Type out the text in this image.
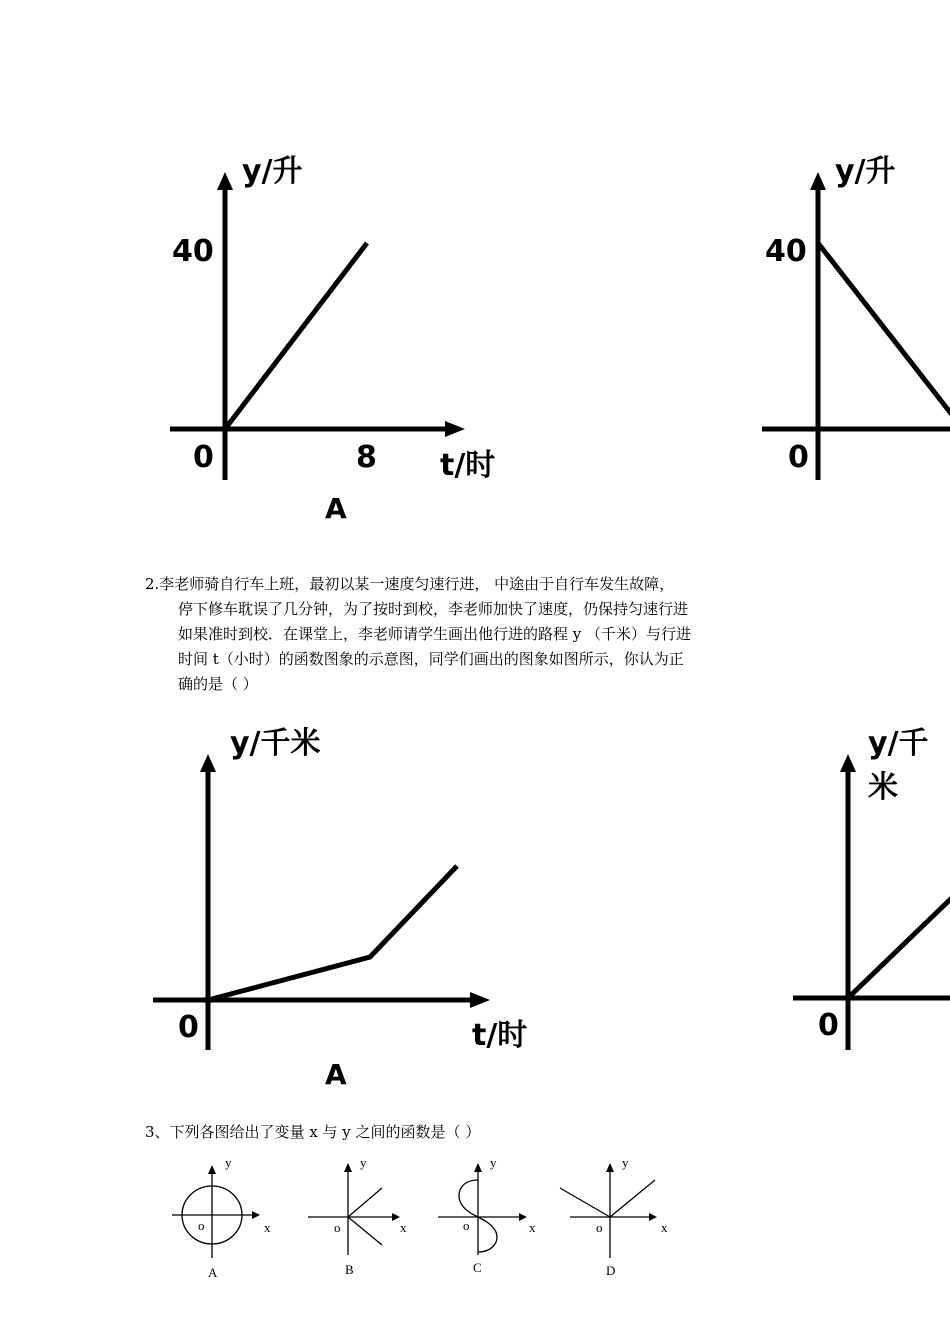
y/升
40
0	8 t/时
A
y/升
40
0
2.李老师骑自行车上班，最初以某一速度匀速行进， 中途由于自行车发生故障，
停下修车耽误了几分钟，为了按时到校，李老师加快了速度，仍保持匀速行进
如果准时到校．在课堂上，李老师请学生画出他行进的路程 y （千米）与行进
时间 t（小时）的函数图象的示意图，同学们画出的图象如图所示，你认为正
确的是（ ）
y/千米
0	t/时
A
y/千米
0
3、下列各图给出了变量 x 与 y 之间的函数是（ ）
y
x
o
A
y
x
o
B
y
x
o
C
y
x
o
D
